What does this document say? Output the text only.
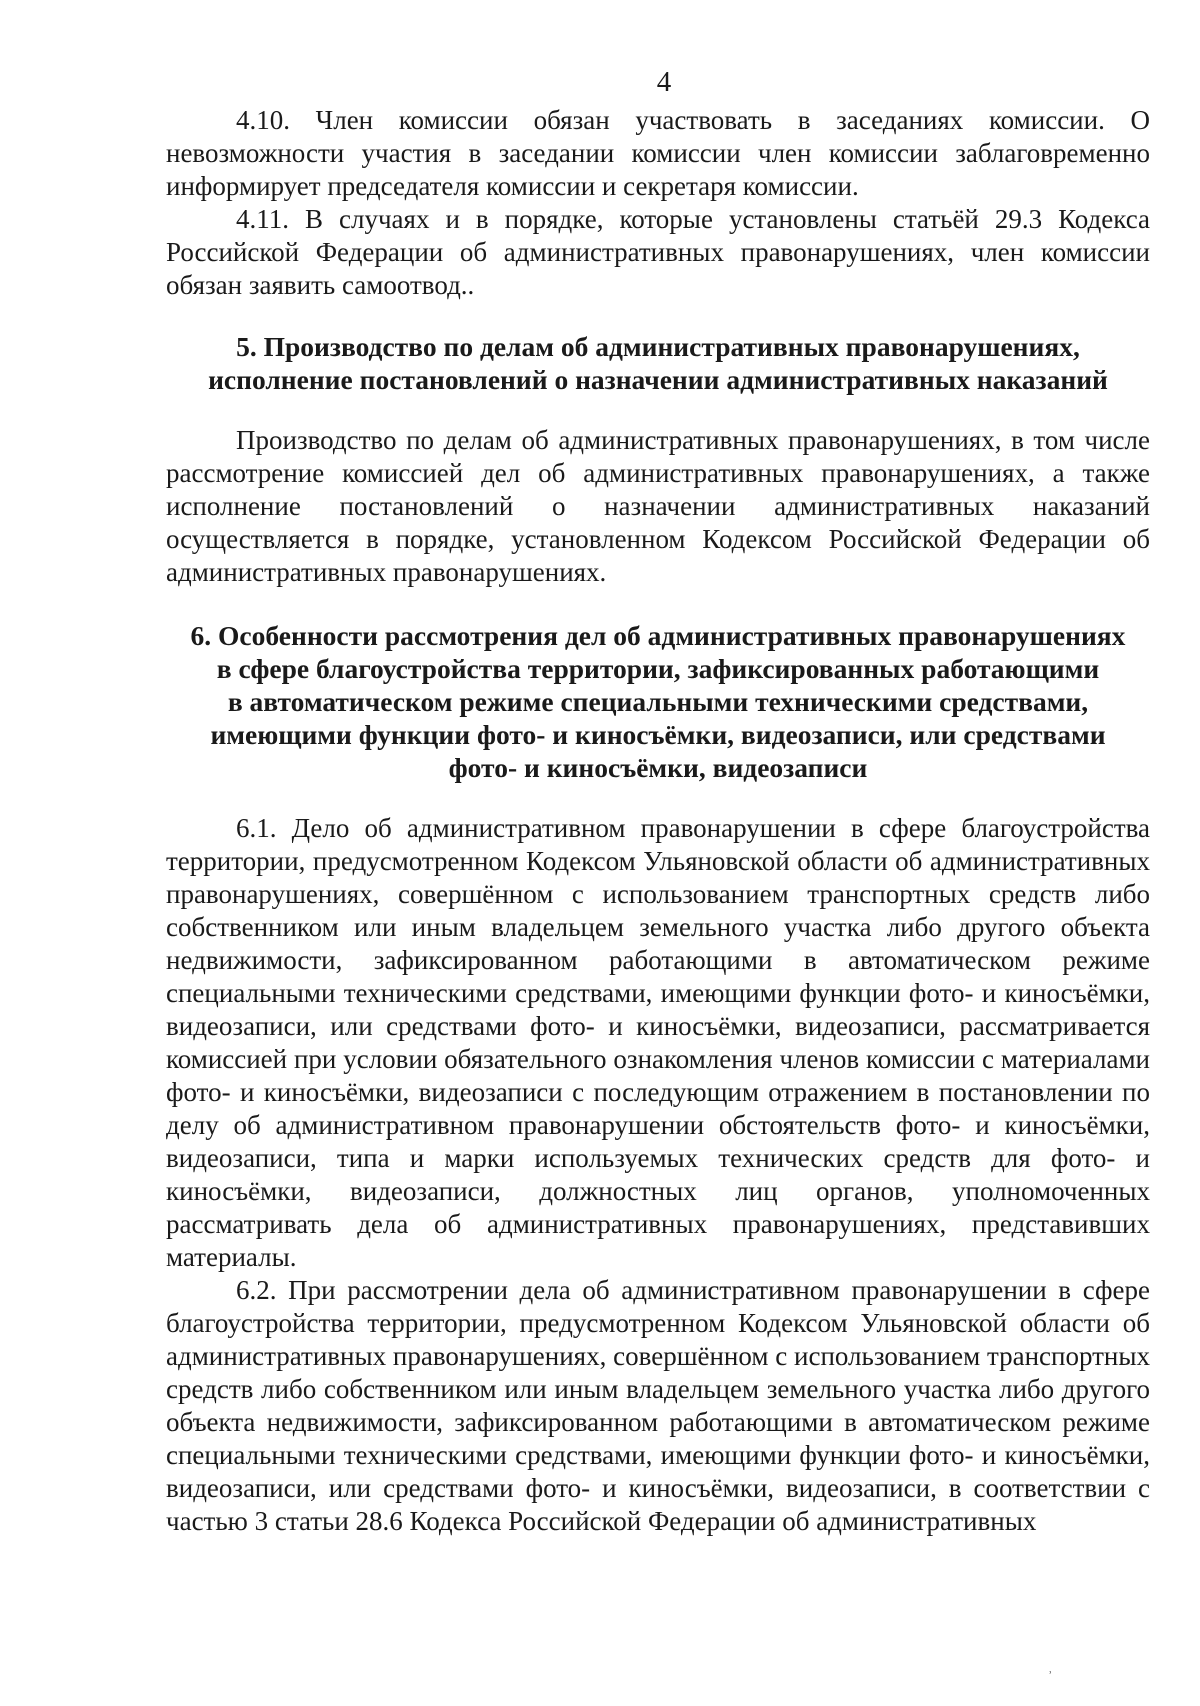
4

4.10. Член комиссии обязан участвовать в заседаниях комиссии. О невозможности участия в заседании комиссии член комиссии заблаговременно информирует председателя комиссии и секретаря комиссии.

4.11. В случаях и в порядке, которые установлены статьёй 29.3 Кодекса Российской Федерации об административных правонарушениях, член комиссии обязан заявить самоотвод..

5. Производство по делам об административных правонарушениях,

исполнение постановлений о назначении административных наказаний

Производство по делам об административных правонарушениях, в том числе рассмотрение комиссией дел об административных правонарушениях, а также исполнение постановлений о назначении административных наказаний осуществляется в порядке, установленном Кодексом Российской Федерации об административных правонарушениях.

6. Особенности рассмотрения дел об административных правонарушениях

в сфере благоустройства территории, зафиксированных работающими

в автоматическом режиме специальными техническими средствами,

имеющими функции фото- и киносъёмки, видеозаписи, или средствами

фото- и киносъёмки, видеозаписи

6.1. Дело об административном правонарушении в сфере благоустройства территории, предусмотренном Кодексом Ульяновской области об административных правонарушениях, совершённом с использованием транспортных средств либо собственником или иным владельцем земельного участка либо другого объекта недвижимости, зафиксированном работающими в автоматическом режиме специальными техническими средствами, имеющими функции фото- и киносъёмки, видеозаписи, или средствами фото- и киносъёмки, видеозаписи, рассматривается комиссией при условии обязательного ознакомления членов комиссии с материалами фото- и киносъёмки, видеозаписи с последующим отражением в постановлении по делу об административном правонарушении обстоятельств фото- и киносъёмки, видеозаписи, типа и марки используемых технических средств для фото- и киносъёмки, видеозаписи, должностных лиц органов, уполномоченных рассматривать дела об административных правонарушениях, представивших материалы.

6.2. При рассмотрении дела об административном правонарушении в сфере благоустройства территории, предусмотренном Кодексом Ульяновской области об административных правонарушениях, совершённом с использованием транспортных средств либо собственником или иным владельцем земельного участка либо другого объекта недвижимости, зафиксированном работающими в автоматическом режиме специальными техническими средствами, имеющими функции фото- и киносъёмки, видеозаписи, или средствами фото- и киносъёмки, видеозаписи, в соответствии с частью 3 статьи 28.6 Кодекса Российской Федерации об административных

ʾ
